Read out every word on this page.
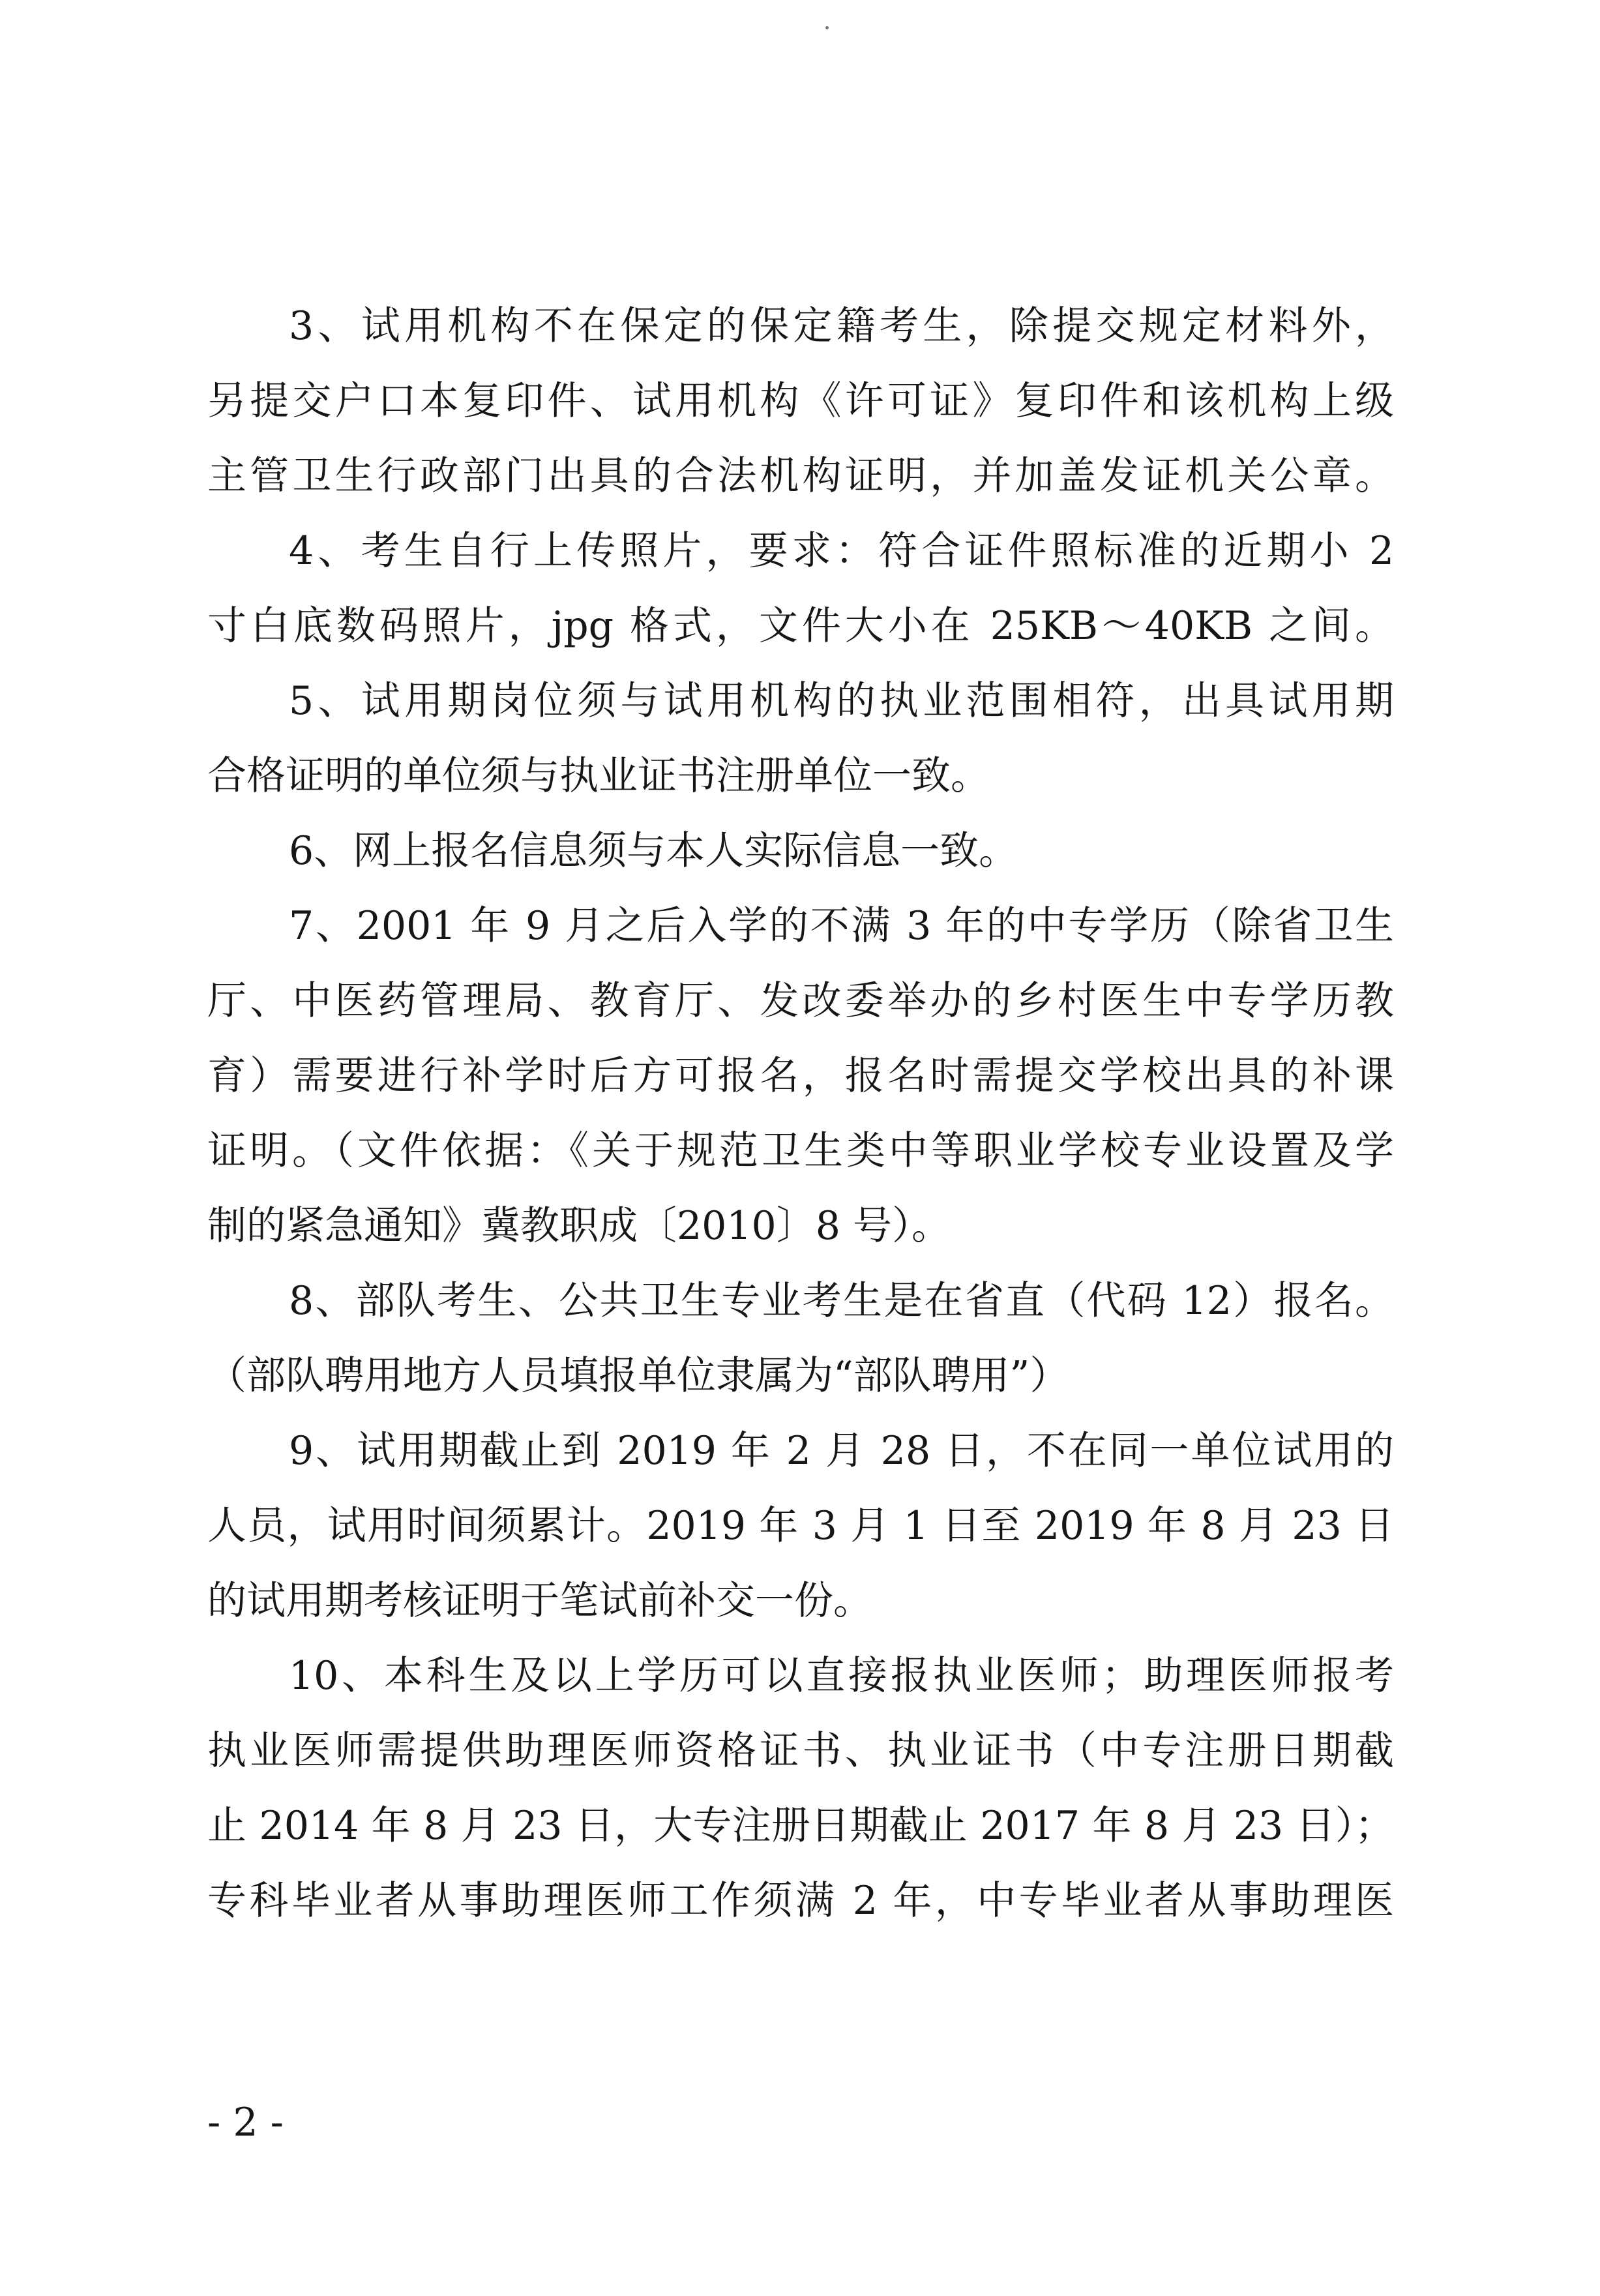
3、试用机构不在保定的保定籍考生，除提交规定材料外，
另提交户口本复印件、试用机构《许可证》复印件和该机构上级
主管卫生行政部门出具的合法机构证明，并加盖发证机关公章。
4、考生自行上传照片，要求：符合证件照标准的近期小 2
寸白底数码照片，jpg 格式，文件大小在 25KB～40KB 之间。
5、试用期岗位须与试用机构的执业范围相符，出具试用期
合格证明的单位须与执业证书注册单位一致。
6、网上报名信息须与本人实际信息一致。
7、2001 年 9 月之后入学的不满 3 年的中专学历（除省卫生
厅、中医药管理局、教育厅、发改委举办的乡村医生中专学历教
育）需要进行补学时后方可报名，报名时需提交学校出具的补课
证明。（文件依据：《关于规范卫生类中等职业学校专业设置及学
制的紧急通知》冀教职成〔2010〕8 号）。
8、部队考生、公共卫生专业考生是在省直（代码 12）报名。
（部队聘用地方人员填报单位隶属为“部队聘用”）
9、试用期截止到 2019 年 2 月 28 日，不在同一单位试用的
人员，试用时间须累计。2019 年 3 月 1 日至 2019 年 8 月 23 日
的试用期考核证明于笔试前补交一份。
10、本科生及以上学历可以直接报执业医师；助理医师报考
执业医师需提供助理医师资格证书、执业证书（中专注册日期截
止 2014 年 8 月 23 日，大专注册日期截止 2017 年 8 月 23 日）；
专科毕业者从事助理医师工作须满 2 年，中专毕业者从事助理医
- 2 -
